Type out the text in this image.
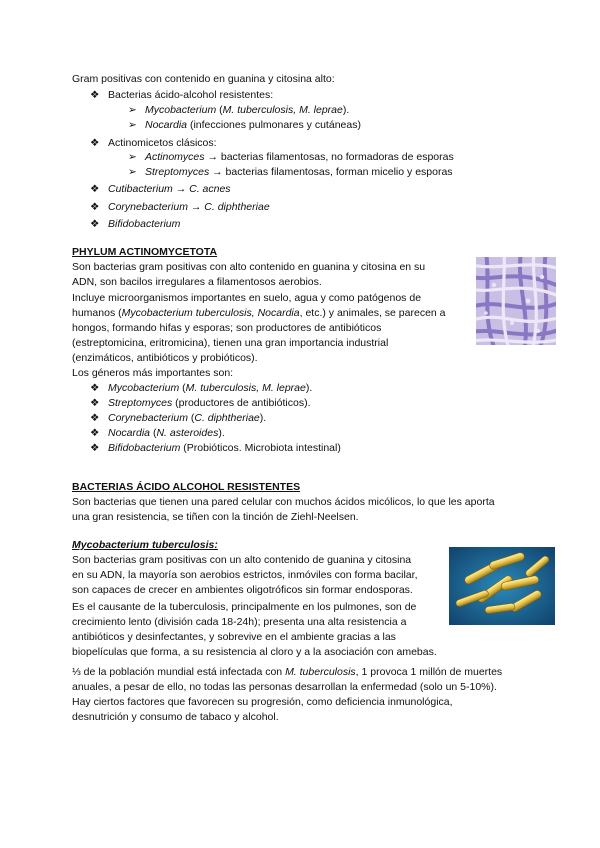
Gram positivas con contenido en guanina y citosina alto:
❖ Bacterias ácido-alcohol resistentes:
➢ Mycobacterium (M. tuberculosis, M. leprae).
➢ Nocardia (infecciones pulmonares y cutáneas)
❖ Actinomicetos clásicos:
➢ Actinomyces → bacterias filamentosas, no formadoras de esporas
➢ Streptomyces → bacterias filamentosas, forman micelio y esporas
❖ Cutibacterium → C. acnes
❖ Corynebacterium → C. diphtheriae
❖ Bifidobacterium
PHYLUM ACTINOMYCETOTA
Son bacterias gram positivas con alto contenido en guanina y citosina en su
ADN, son bacilos irregulares a filamentosos aerobios.
Incluye microorganismos importantes en suelo, agua y como patógenos de
humanos (Mycobacterium tuberculosis, Nocardia, etc.) y animales, se parecen a
hongos, formando hifas y esporas; son productores de antibióticos
(estreptomicina, eritromicina), tienen una gran importancia industrial
(enzimáticos, antibióticos y probióticos).
Los géneros más importantes son:
❖ Mycobacterium (M. tuberculosis, M. leprae).
❖ Streptomyces (productores de antibióticos).
❖ Corynebacterium (C. diphtheriae).
❖ Nocardia (N. asteroides).
❖ Bifidobacterium (Probióticos. Microbiota intestinal)
BACTERIAS ÁCIDO ALCOHOL RESISTENTES
Son bacterias que tienen una pared celular con muchos ácidos micólicos, lo que les aporta
una gran resistencia, se tiñen con la tinción de Ziehl-Neelsen.
Mycobacterium tuberculosis:
Son bacterias gram positivas con un alto contenido de guanina y citosina
en su ADN, la mayoría son aerobios estrictos, inmóviles con forma bacilar,
son capaces de crecer en ambientes oligotróficos sin formar endosporas.
Es el causante de la tuberculosis, principalmente en los pulmones, son de
crecimiento lento (división cada 18-24h); presenta una alta resistencia a
antibióticos y desinfectantes, y sobrevive en el ambiente gracias a las
biopelículas que forma, a su resistencia al cloro y a la asociación con amebas.
⅓ de la población mundial está infectada con M. tuberculosis, 1 provoca 1 millón de muertes
anuales, a pesar de ello, no todas las personas desarrollan la enfermedad (solo un 5-10%).
Hay ciertos factores que favorecen su progresión, como deficiencia inmunológica,
desnutrición y consumo de tabaco y alcohol.
